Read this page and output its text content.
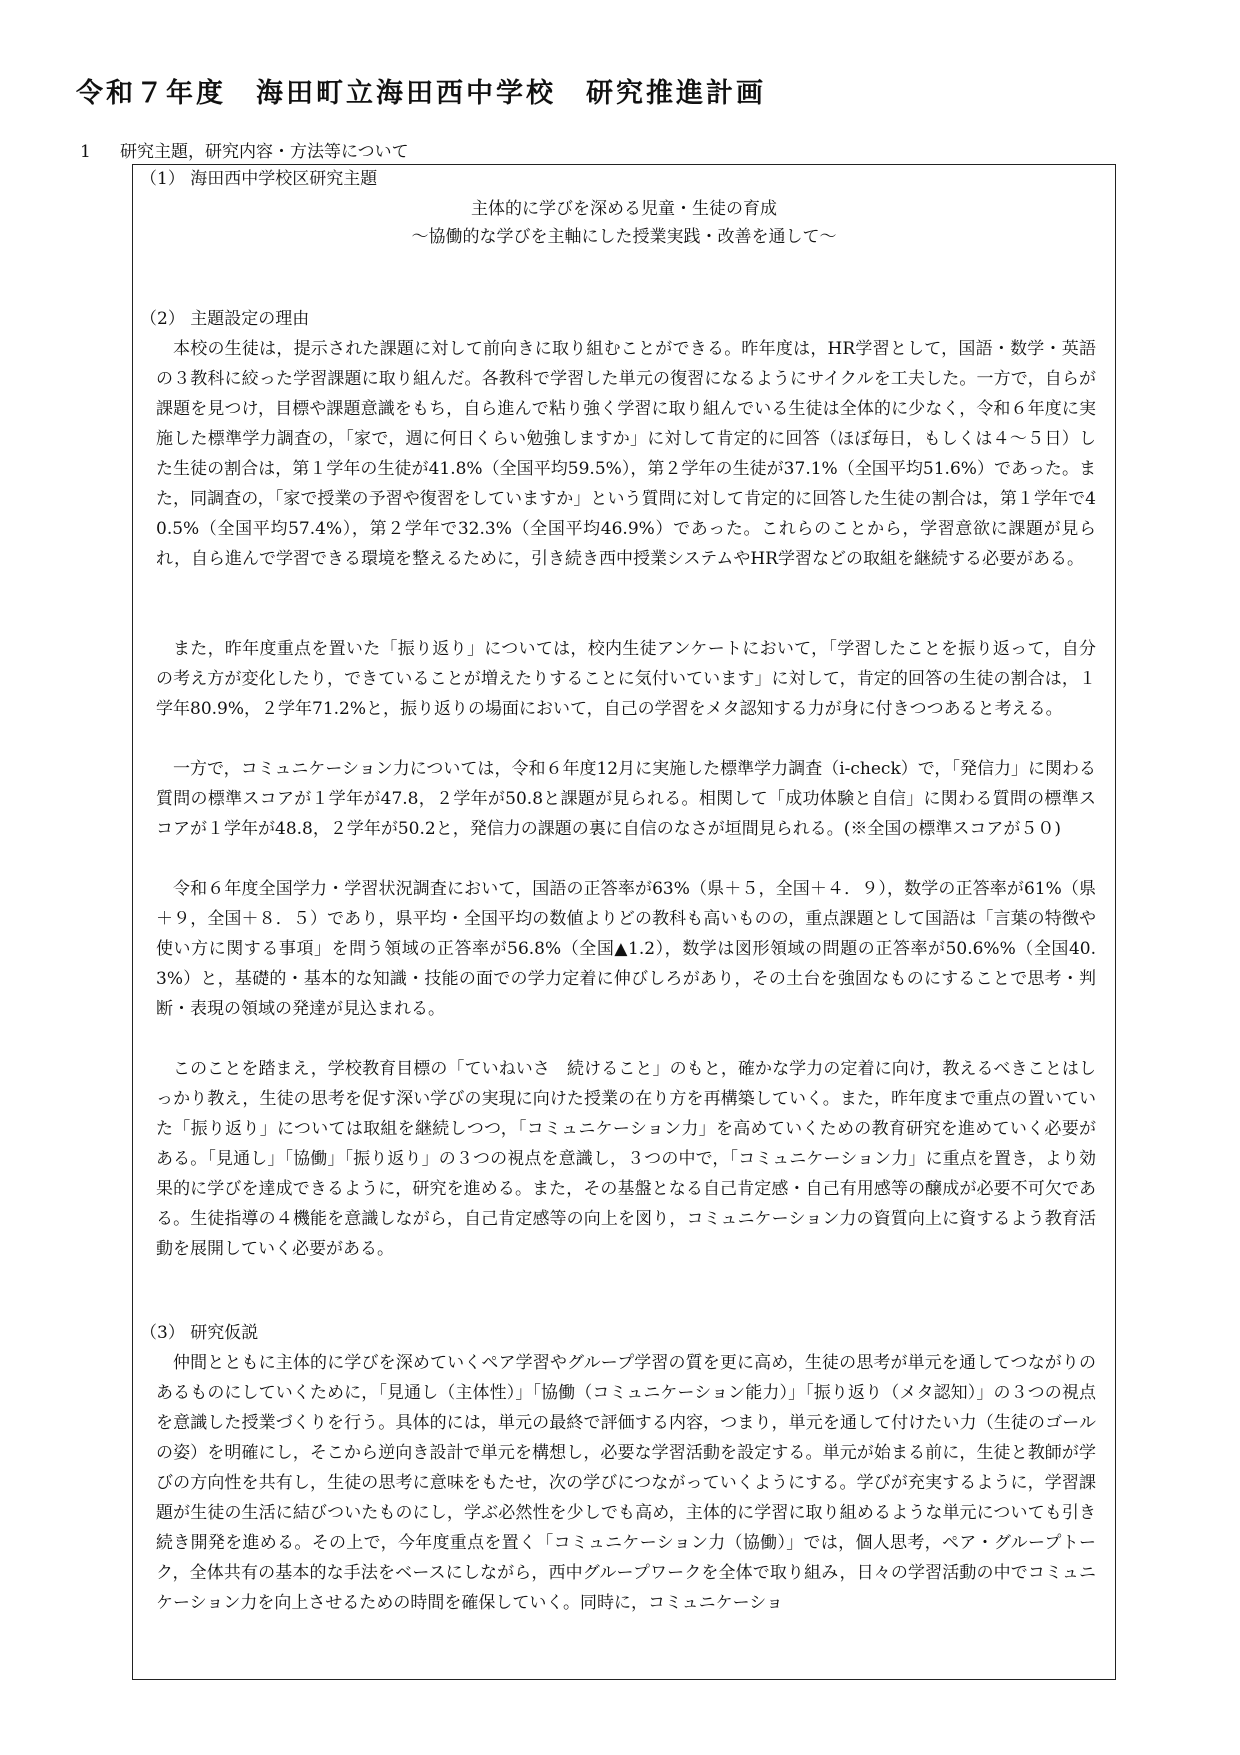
令和７年度　海田町立海田西中学校　研究推進計画
1 研究主題，研究内容・方法等について
（1） 海田西中学校区研究主題
主体的に学びを深める児童・生徒の育成
〜協働的な学びを主軸にした授業実践・改善を通して〜
（2） 主題設定の理由

本校の生徒は，提示された課題に対して前向きに取り組むことができる。昨年度は，HR学習として，国語・数学・英語の３教科に絞った学習課題に取り組んだ。各教科で学習した単元の復習になるようにサイクルを工夫した。一方で，自らが課題を見つけ，目標や課題意識をもち，自ら進んで粘り強く学習に取り組んでいる生徒は全体的に少なく，令和６年度に実施した標準学力調査の，「家で，週に何日くらい勉強しますか」に対して肯定的に回答（ほぼ毎日，もしくは４〜５日）した生徒の割合は，第１学年の生徒が41.8%（全国平均59.5%），第２学年の生徒が37.1%（全国平均51.6%）であった。また，同調査の，「家で授業の予習や復習をしていますか」という質問に対して肯定的に回答した生徒の割合は，第１学年で40.5%（全国平均57.4%），第２学年で32.3%（全国平均46.9%）であった。これらのことから，学習意欲に課題が見られ，自ら進んで学習できる環境を整えるために，引き続き西中授業システムやHR学習などの取組を継続する必要がある。

また，昨年度重点を置いた「振り返り」については，校内生徒アンケートにおいて，「学習したことを振り返って，自分の考え方が変化したり，できていることが増えたりすることに気付いています」に対して，肯定的回答の生徒の割合は，１学年80.9%，２学年71.2%と，振り返りの場面において，自己の学習をメタ認知する力が身に付きつつあると考える。

一方で，コミュニケーション力については，令和６年度12月に実施した標準学力調査（i-check）で，「発信力」に関わる質問の標準スコアが１学年が47.8，２学年が50.8と課題が見られる。相関して「成功体験と自信」に関わる質問の標準スコアが１学年が48.8，２学年が50.2と，発信力の課題の裏に自信のなさが垣間見られる。(※全国の標準スコアが５０)

令和６年度全国学力・学習状況調査において，国語の正答率が63%（県＋５，全国＋４．９），数学の正答率が61%（県＋９，全国＋８．５）であり，県平均・全国平均の数値よりどの教科も高いものの，重点課題として国語は「言葉の特徴や使い方に関する事項」を問う領域の正答率が56.8%（全国▲1.2），数学は図形領域の問題の正答率が50.6%%（全国40.3%）と，基礎的・基本的な知識・技能の面での学力定着に伸びしろがあり，その土台を強固なものにすることで思考・判断・表現の領域の発達が見込まれる。

このことを踏まえ，学校教育目標の「ていねいさ　続けること」のもと，確かな学力の定着に向け，教えるべきことはしっかり教え，生徒の思考を促す深い学びの実現に向けた授業の在り方を再構築していく。また，昨年度まで重点の置いていた「振り返り」については取組を継続しつつ，「コミュニケーション力」を高めていくための教育研究を進めていく必要がある。「見通し」「協働」「振り返り」の３つの視点を意識し，３つの中で，「コミュニケーション力」に重点を置き，より効果的に学びを達成できるように，研究を進める。また，その基盤となる自己肯定感・自己有用感等の醸成が必要不可欠である。生徒指導の４機能を意識しながら，自己肯定感等の向上を図り，コミュニケーション力の資質向上に資するよう教育活動を展開していく必要がある。

（3） 研究仮説

仲間とともに主体的に学びを深めていくペア学習やグループ学習の質を更に高め，生徒の思考が単元を通してつながりのあるものにしていくために，「見通し（主体性）」「協働（コミュニケーション能力）」「振り返り（メタ認知）」の３つの視点を意識した授業づくりを行う。具体的には，単元の最終で評価する内容，つまり，単元を通して付けたい力（生徒のゴールの姿）を明確にし，そこから逆向き設計で単元を構想し，必要な学習活動を設定する。単元が始まる前に，生徒と教師が学びの方向性を共有し，生徒の思考に意味をもたせ，次の学びにつながっていくようにする。学びが充実するように，学習課題が生徒の生活に結びついたものにし，学ぶ必然性を少しでも高め，主体的に学習に取り組めるような単元についても引き続き開発を進める。その上で，今年度重点を置く「コミュニケーション力（協働）」では，個人思考，ペア・グループトーク，全体共有の基本的な手法をベースにしながら，西中グループワークを全体で取り組み，日々の学習活動の中でコミュニケーション力を向上させるための時間を確保していく。同時に，コミュニケーショ
